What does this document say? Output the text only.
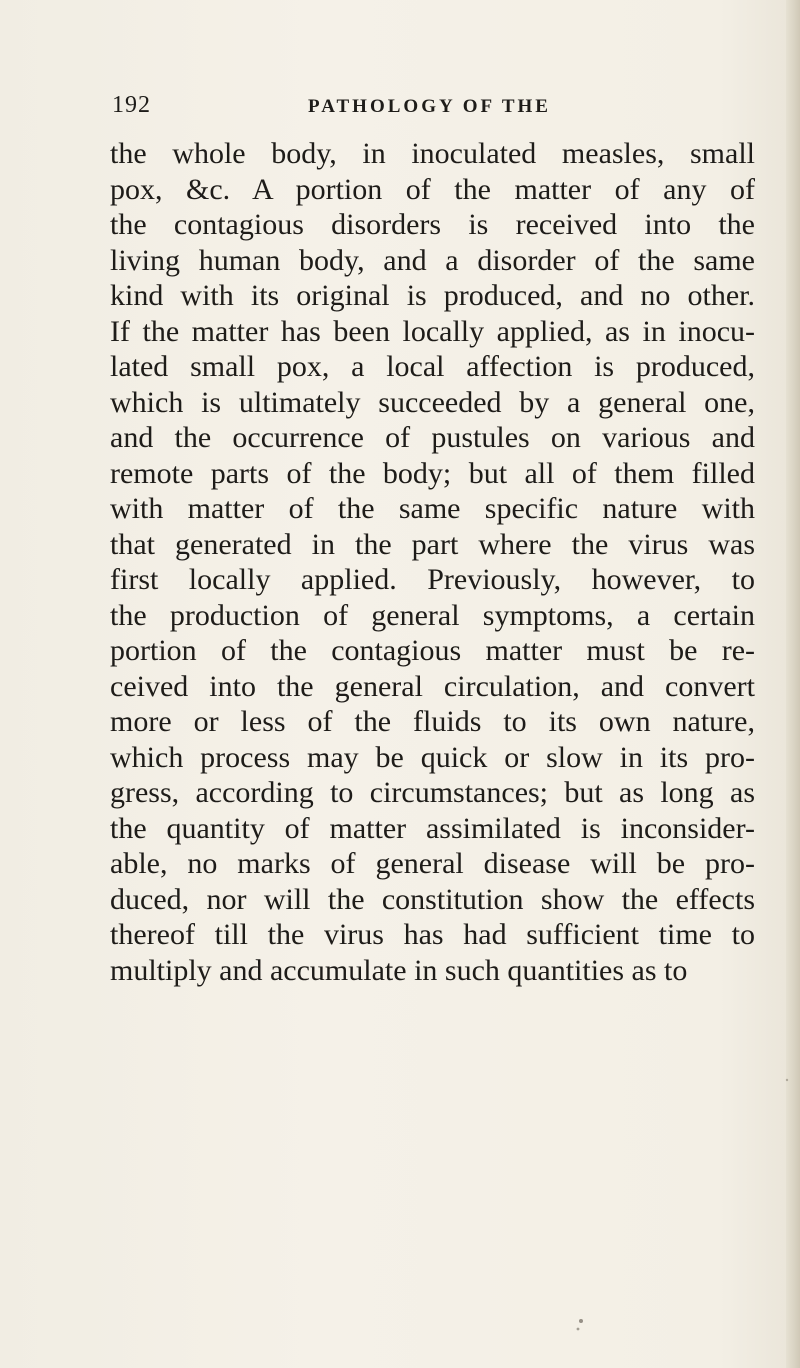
192	PATHOLOGY OF THE
the whole body, in inoculated measles, small
pox, &c. A portion of the matter of any of
the contagious disorders is received into the
living human body, and a disorder of the same
kind with its original is produced, and no other.
If the matter has been locally applied, as in inocu-
lated small pox, a local affection is produced,
which is ultimately succeeded by a general one,
and the occurrence of pustules on various and
remote parts of the body; but all of them filled
with matter of the same specific nature with
that generated in the part where the virus was
first locally applied. Previously, however, to
the production of general symptoms, a certain
portion of the contagious matter must be re-
ceived into the general circulation, and convert
more or less of the fluids to its own nature,
which process may be quick or slow in its pro-
gress, according to circumstances; but as long as
the quantity of matter assimilated is inconsider-
able, no marks of general disease will be pro-
duced, nor will the constitution show the effects
thereof till the virus has had sufficient time to
multiply and accumulate in such quantities as to
